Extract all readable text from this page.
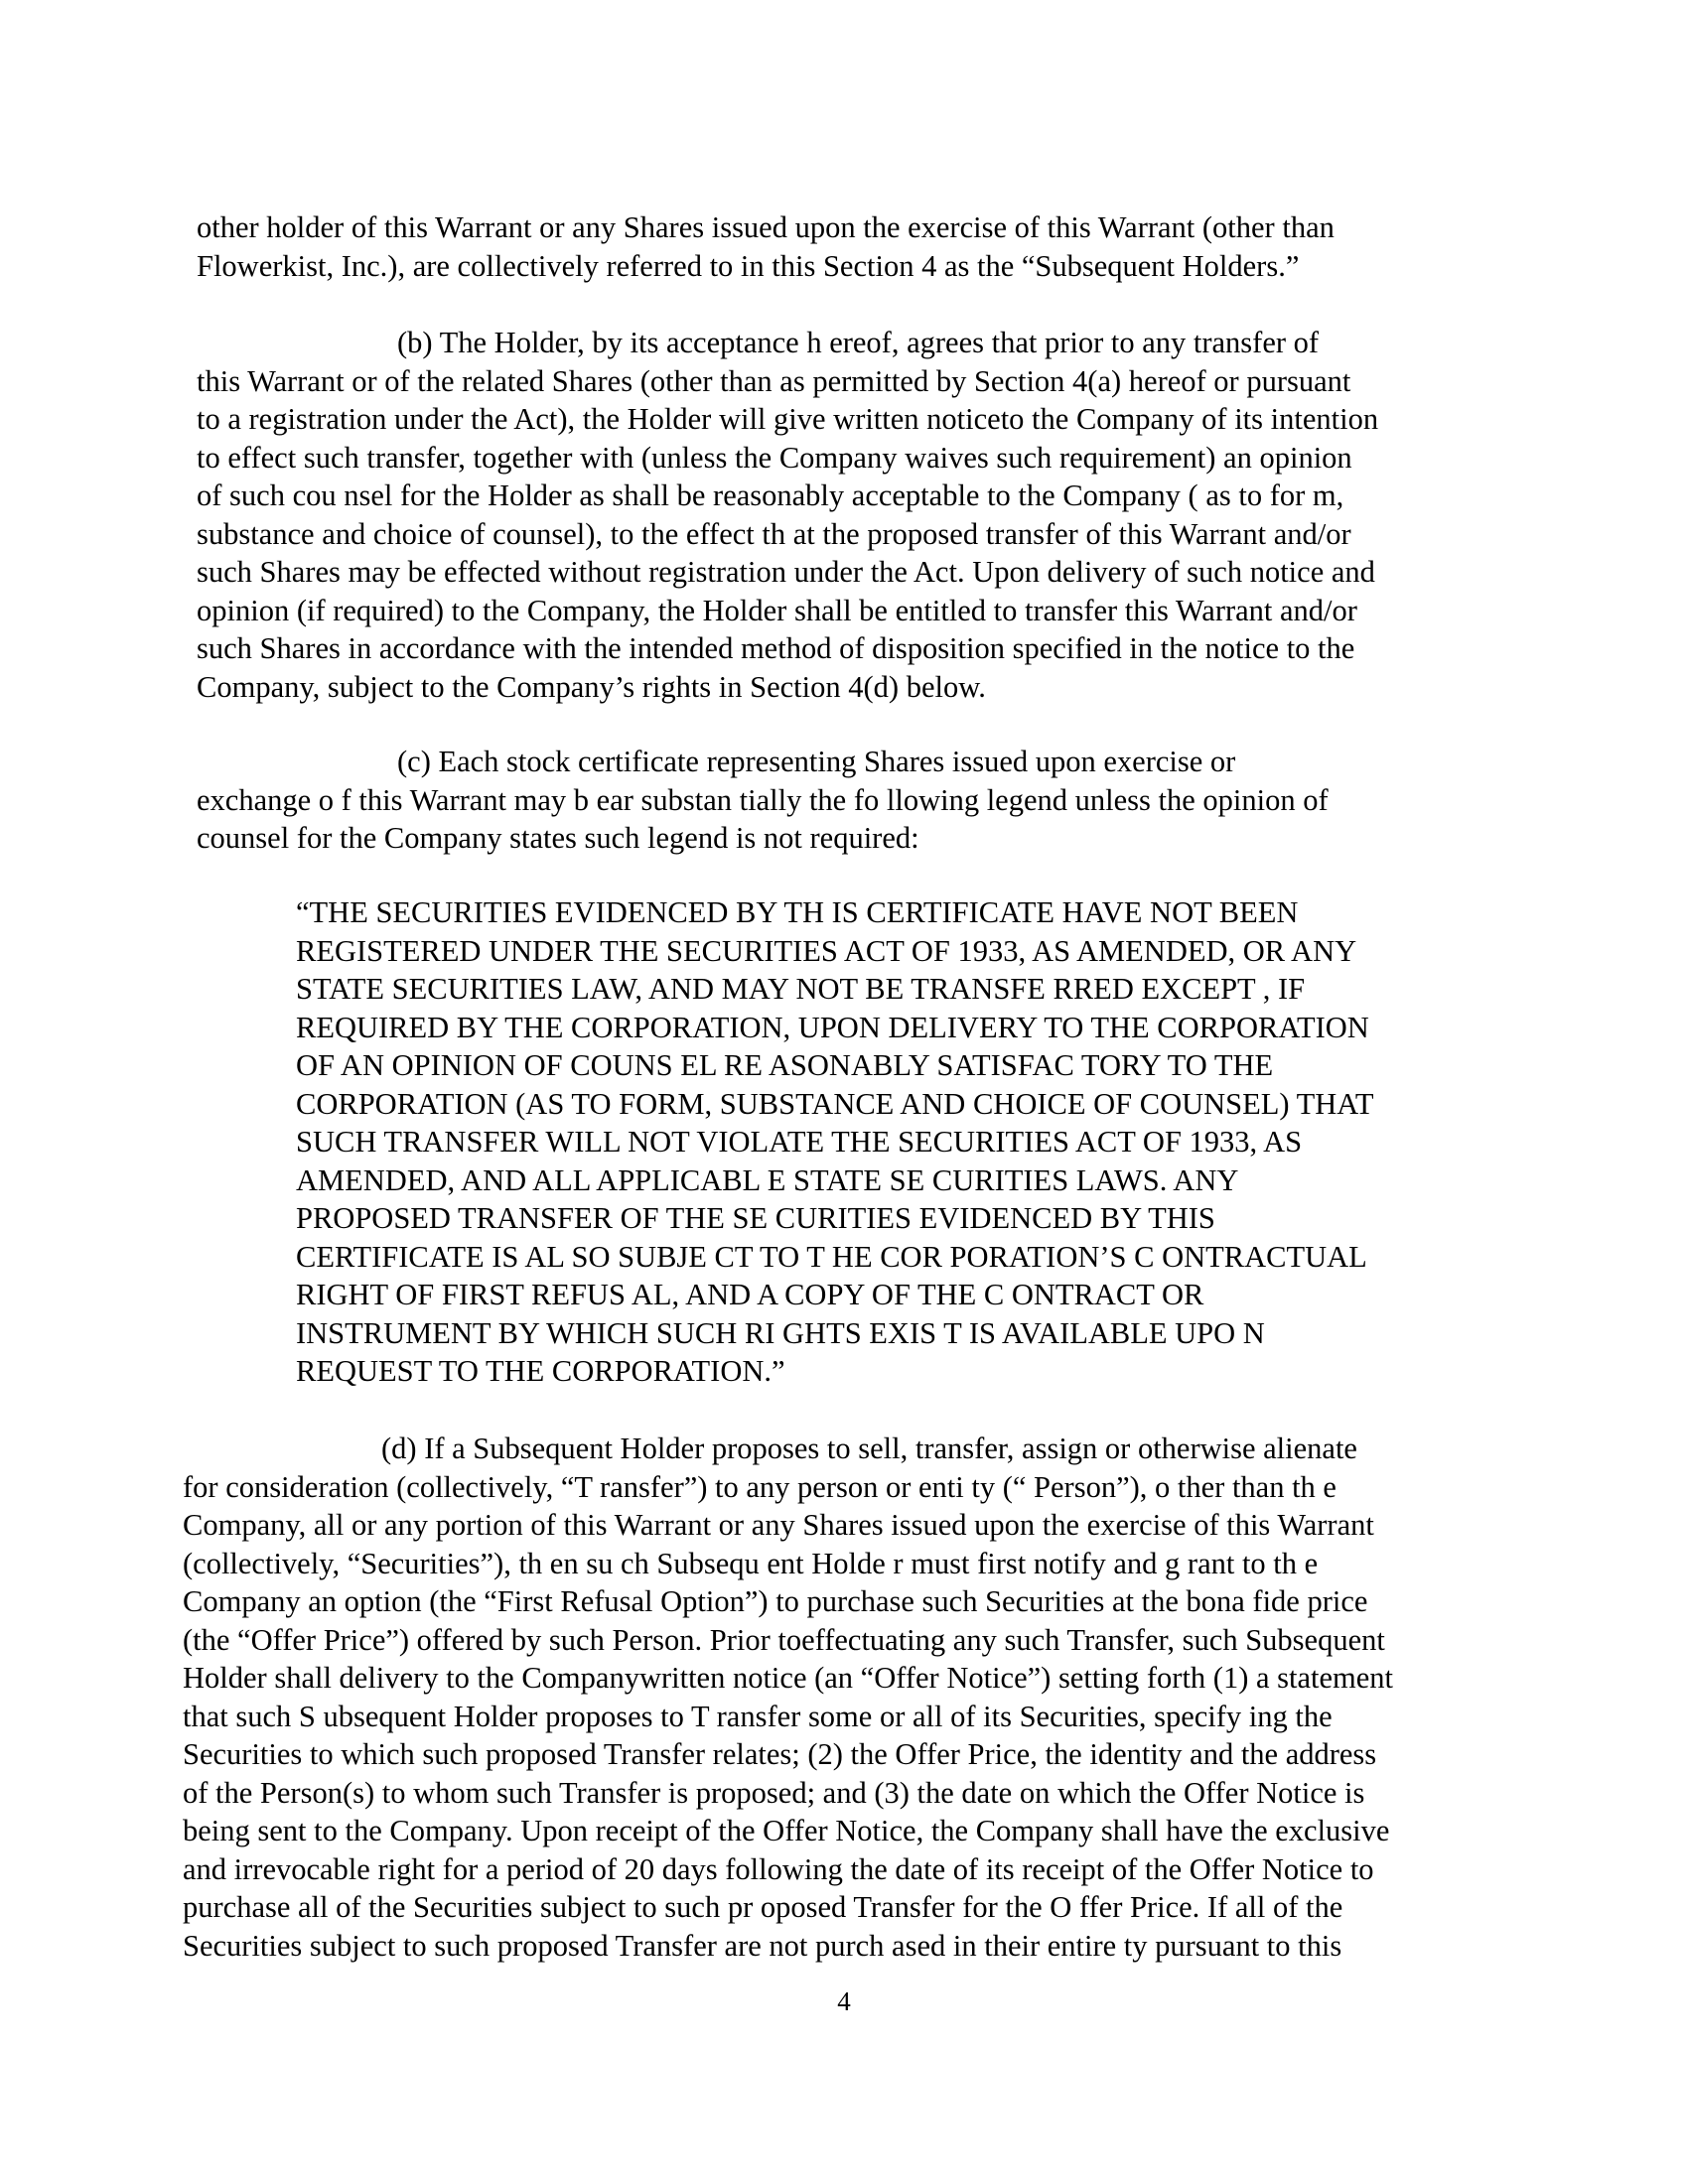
other holder of this Warrant or any Shares issued upon the exercise of this Warrant (other than
Flowerkist, Inc.), are collectively referred to in this Section 4 as the “Subsequent Holders.”
(b) The Holder, by its acceptance h ereof, agrees that prior to any transfer of
this Warrant or of the related Shares (other than as permitted by Section 4(a) hereof or pursuant
to a registration under the Act), the Holder will give written noticeto the Company of its intention
to effect such transfer, together with (unless the Company waives such requirement) an opinion
of such cou nsel for the Holder as shall be reasonably acceptable to the Company ( as to for m,
substance and choice of counsel), to the effect th at the proposed transfer of this Warrant and/or
such Shares may be effected without registration under the Act. Upon delivery of such notice and
opinion (if required) to the Company, the Holder shall be entitled to transfer this Warrant and/or
such Shares in accordance with the intended method of disposition specified in the notice to the
Company, subject to the Company’s rights in Section 4(d) below.
(c) Each stock certificate representing Shares issued upon exercise or
exchange o f this Warrant may b ear substan tially the fo llowing legend unless the opinion of
counsel for the Company states such legend is not required:
“THE SECURITIES EVIDENCED BY TH IS CERTIFICATE HAVE NOT BEEN
REGISTERED UNDER THE SECURITIES ACT OF 1933, AS AMENDED, OR ANY
STATE SECURITIES LAW, AND MAY NOT BE TRANSFE RRED EXCEPT , IF
REQUIRED BY THE CORPORATION, UPON DELIVERY TO THE CORPORATION
OF AN OPINION OF COUNS EL RE ASONABLY SATISFAC TORY TO THE
CORPORATION (AS TO FORM, SUBSTANCE AND CHOICE OF COUNSEL) THAT
SUCH TRANSFER WILL NOT VIOLATE THE SECURITIES ACT OF 1933, AS
AMENDED, AND ALL APPLICABL E STATE SE CURITIES LAWS. ANY
PROPOSED TRANSFER OF THE SE CURITIES EVIDENCED BY THIS
CERTIFICATE IS AL SO SUBJE CT TO T HE COR PORATION’S C ONTRACTUAL
RIGHT OF FIRST REFUS AL, AND A COPY OF THE C ONTRACT OR
INSTRUMENT BY WHICH SUCH RI GHTS EXIS T IS AVAILABLE UPO N
REQUEST TO THE CORPORATION.”
(d) If a Subsequent Holder proposes to sell, transfer, assign or otherwise alienate
for consideration (collectively, “T ransfer”) to any person or enti ty (“ Person”), o ther than th e
Company, all or any portion of this Warrant or any Shares issued upon the exercise of this Warrant
(collectively, “Securities”), th en su ch Subsequ ent Holde r must first notify and g rant to th e
Company an option (the “First Refusal Option”) to purchase such Securities at the bona fide price
(the “Offer Price”) offered by such Person. Prior toeffectuating any such Transfer, such Subsequent
Holder shall delivery to the Companywritten notice (an “Offer Notice”) setting forth (1) a statement
that such S ubsequent Holder proposes to T ransfer some or all of its Securities, specify ing the
Securities to which such proposed Transfer relates; (2) the Offer Price, the identity and the address
of the Person(s) to whom such Transfer is proposed; and (3) the date on which the Offer Notice is
being sent to the Company. Upon receipt of the Offer Notice, the Company shall have the exclusive
and irrevocable right for a period of 20 days following the date of its receipt of the Offer Notice to
purchase all of the Securities subject to such pr oposed Transfer for the O ffer Price. If all of the
Securities subject to such proposed Transfer are not purch ased in their entire ty pursuant to this
4
